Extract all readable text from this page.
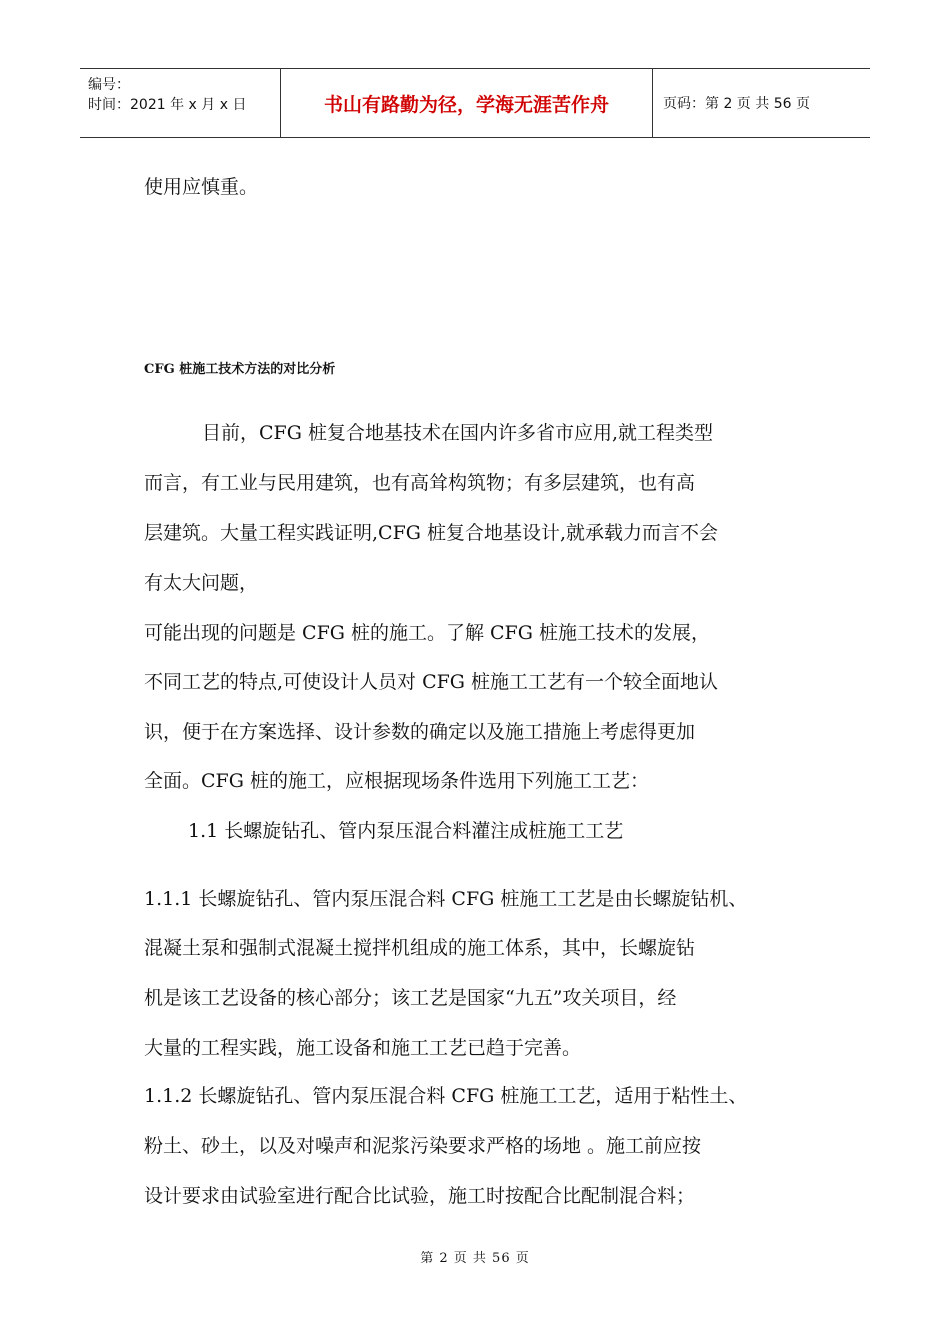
编号：
时间：2021 年 x 月 x 日	书山有路勤为径，学海无涯苦作舟	页码：第 2 页 共 56 页
使用应慎重。
CFG 桩施工技术方法的对比分析
目前，CFG 桩复合地基技术在国内许多省市应用,就工程类型
而言，有工业与民用建筑，也有高耸构筑物；有多层建筑，也有高
层建筑。大量工程实践证明,CFG 桩复合地基设计,就承载力而言不会
有太大问题，
可能出现的问题是 CFG 桩的施工。了解 CFG 桩施工技术的发展，
不同工艺的特点,可使设计人员对 CFG 桩施工工艺有一个较全面地认
识，便于在方案选择、设计参数的确定以及施工措施上考虑得更加
全面。CFG 桩的施工，应根据现场条件选用下列施工工艺：
1.1 长螺旋钻孔、管内泵压混合料灌注成桩施工工艺
1.1.1 长螺旋钻孔、管内泵压混合料 CFG 桩施工工艺是由长螺旋钻机、
混凝土泵和强制式混凝土搅拌机组成的施工体系，其中，长螺旋钻
机是该工艺设备的核心部分；该工艺是国家“九五”攻关项目，经
大量的工程实践，施工设备和施工工艺已趋于完善。
1.1.2 长螺旋钻孔、管内泵压混合料 CFG 桩施工工艺，适用于粘性土、
粉土、砂土，以及对噪声和泥浆污染要求严格的场地 。施工前应按
设计要求由试验室进行配合比试验，施工时按配合比配制混合料；
第 2 页 共 56 页
